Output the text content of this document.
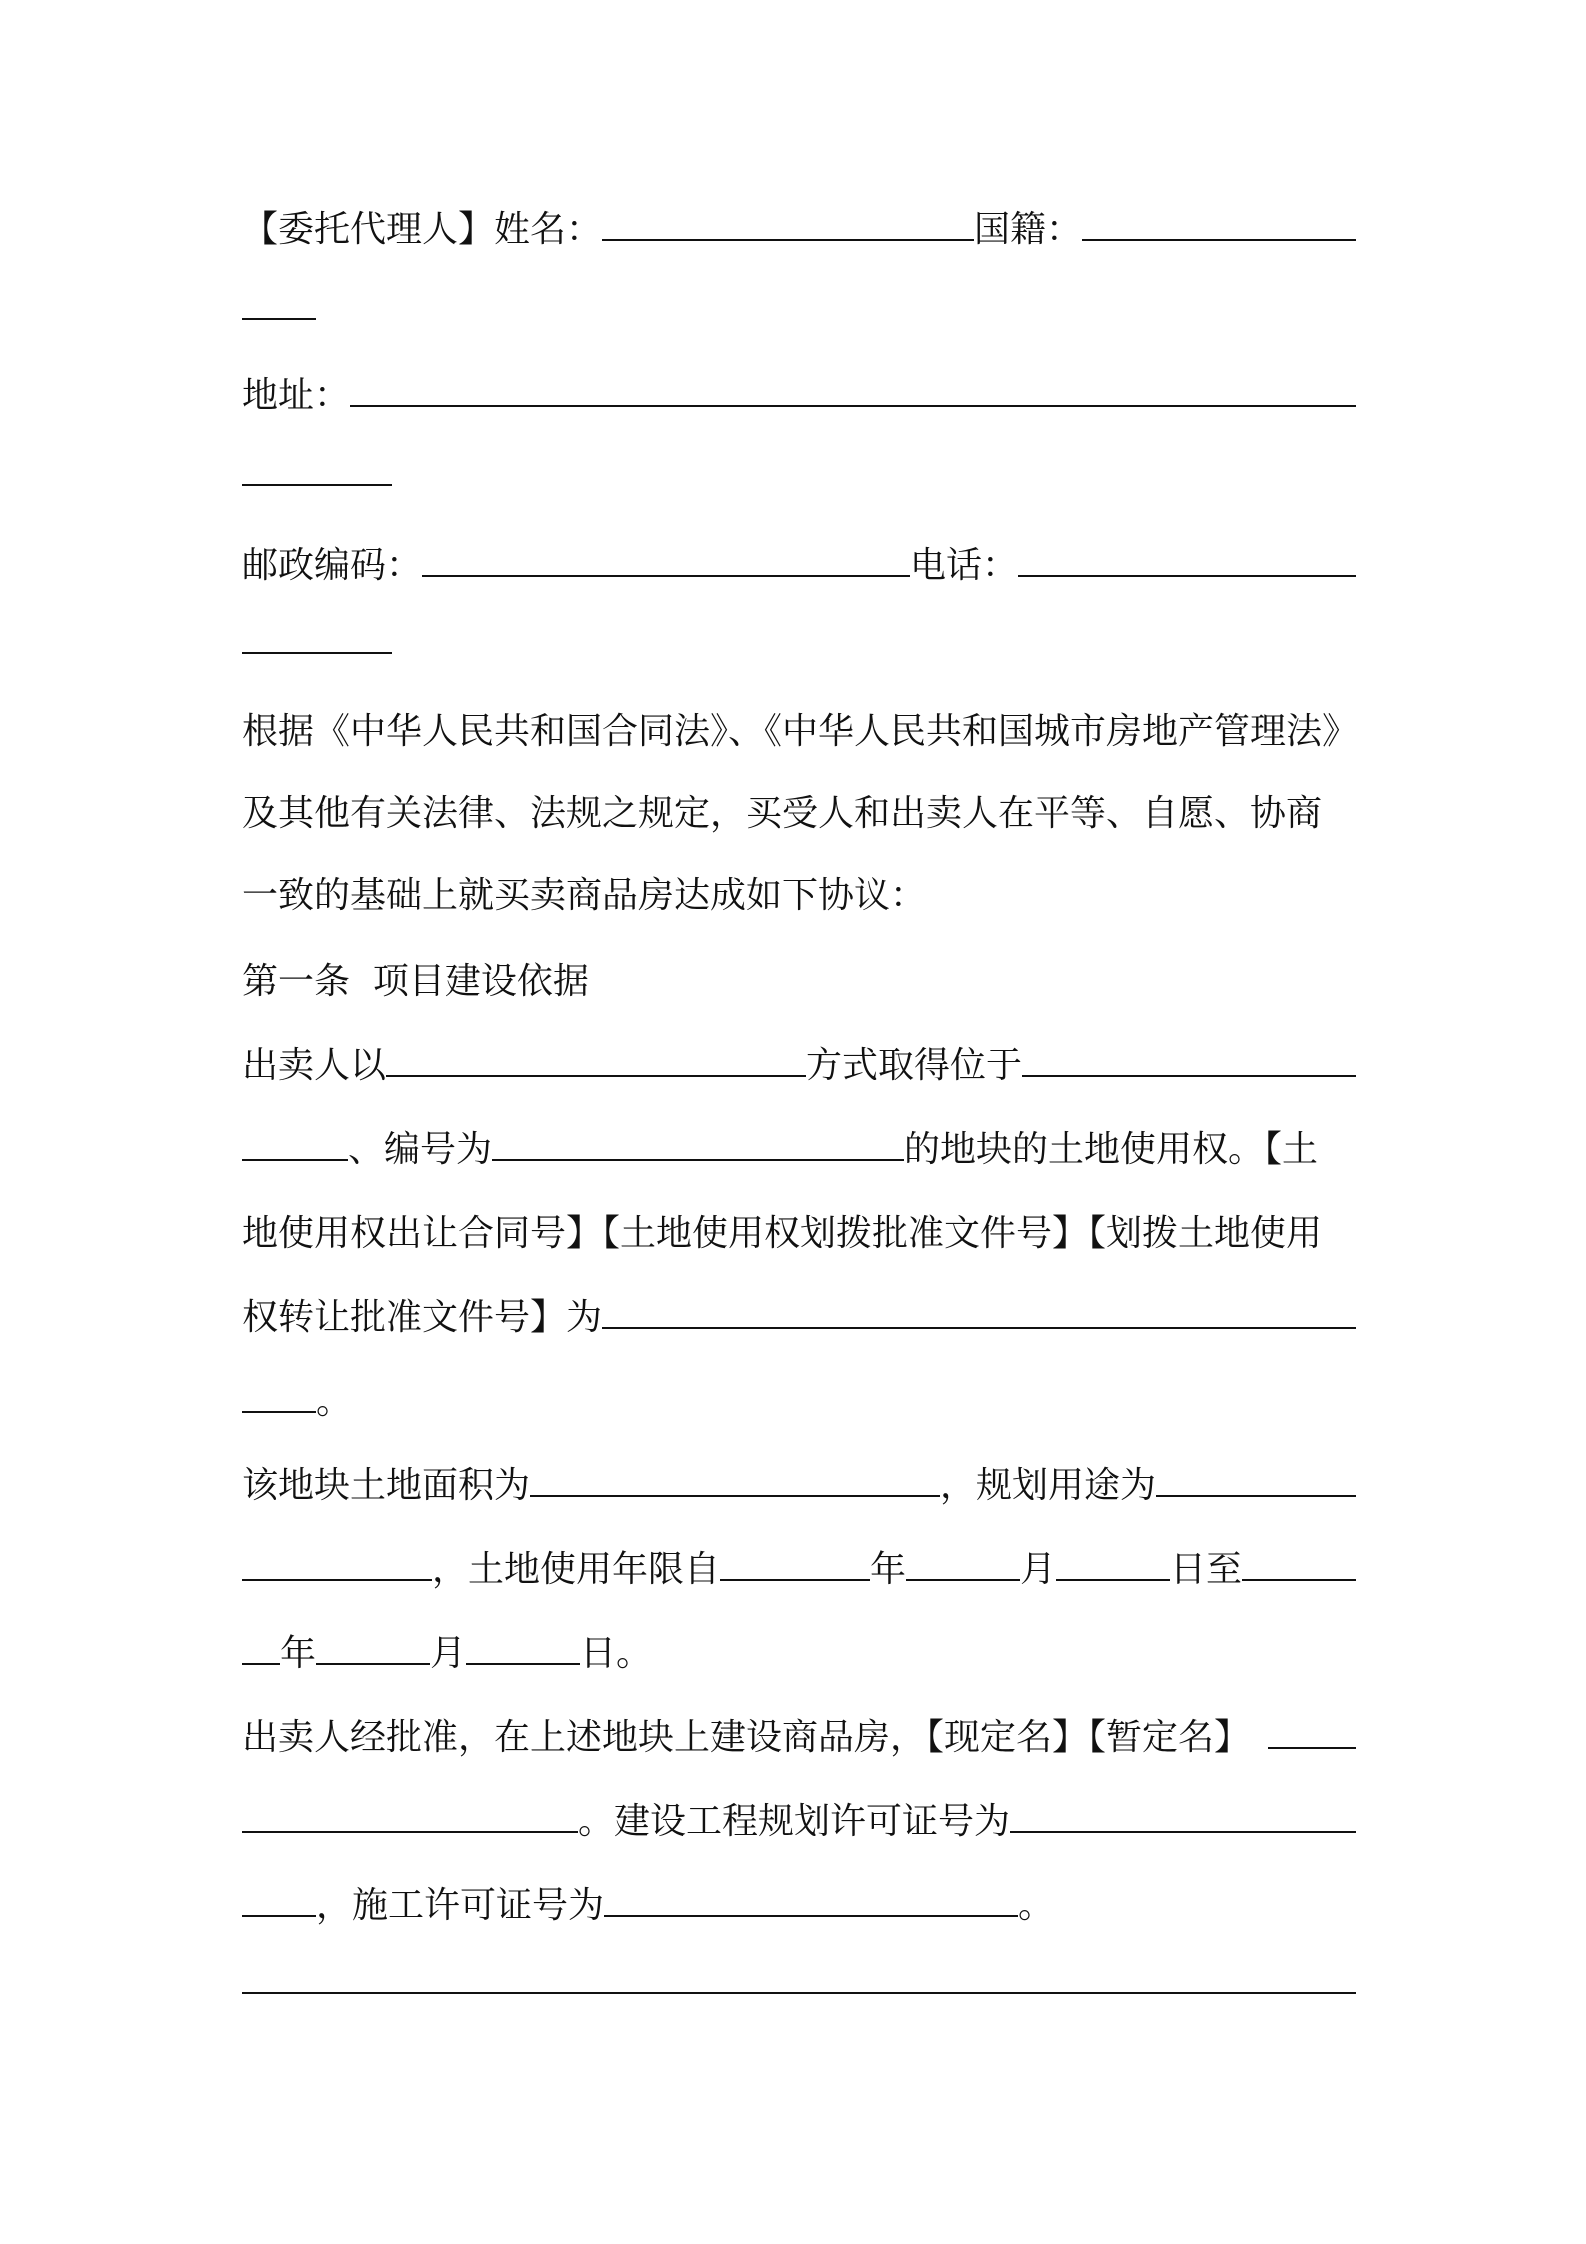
【委托代理人】姓名：	国籍：
地址：
邮政编码：	电话：
根据《中华人民共和国合同法》、《中华人民共和国城市房地产管理法》
及其他有关法律、法规之规定，买受人和出卖人在平等、自愿、协商
一致的基础上就买卖商品房达成如下协议：
第一条  项目建设依据
出卖人以	方式取得位于
、编号为	的地块的土地使用权。【土
地使用权出让合同号】【土地使用权划拨批准文件号】【划拨土地使用
权转让批准文件号】为
。
该地块土地面积为	，规划用途为
，土地使用年限自	年	月	日至
年	月	日。
出卖人经批准，在上述地块上建设商品房，【现定名】【暂定名】
。建设工程规划许可证号为
，施工许可证号为	。
